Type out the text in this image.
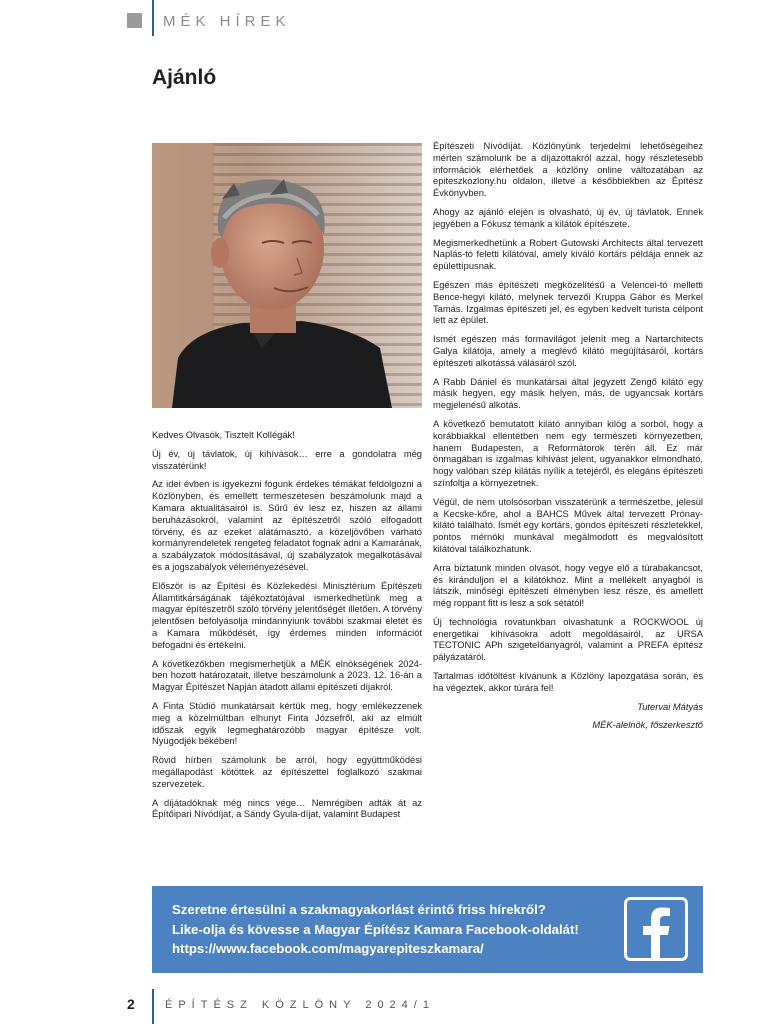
MÉK HÍREK
Ajánló

Kedves Olvasók, Tisztelt Kollégák!

Új év, új távlatok, új kihívások… erre a gondolatra még visszatérünk!

Az idei évben is igyekezni fogunk érdekes témákat feldolgozni a Közlönyben, és emellett természetesen beszámolunk majd a Kamara aktualitásairól is. Sűrű év lesz ez, hiszen az állami beruházásokról, valamint az építészetről szóló elfogadott törvény, és az ezeket alátámasztó, a közeljövőben várható kormányrendeletek rengeteg feladatot fognak adni a Kamarának, a szabályzatok módosításával, új szabályzatok megalkotásával és a jogszabályok véleményezésével.

Először is az Építési és Közlekedési Minisztérium Építészeti Államtitkárságának tájékoztatójával ismerkedhetünk meg a magyar építészetről szóló törvény jelentőségét illetően. A törvény jelentősen befolyásolja mindannyiunk további szakmai életét és a Kamara működését, így érdemes minden információt befogadni és értékelni.

A következőkben megismerhetjük a MÉK elnökségének 2024-ben hozott határozatait, illetve beszámolunk a 2023. 12. 16-án a Magyar Építészet Napján átadott állami építészeti díjakról.

A Finta Stúdió munkatársait kértük meg, hogy emlékezzenek meg a közelmúltban elhunyt Finta Józsefről, aki az elmúlt időszak egyik legmeghatározóbb magyar építésze volt. Nyugodjék békében!

Rövid hírben számolunk be arról, hogy együttműködési megállapodást kötöttek az építészettel foglalkozó szakmai szervezetek.

A díjátadóknak még nincs vége… Nemrégiben adták át az Építőipari Nívódíjat, a Sándy Gyula-díjat, valamint Budapest

Építészeti Nívódíját. Közlönyünk terjedelmi lehetőségeihez mérten számolunk be a díjazottakról azzal, hogy részletesebb információk elérhetőek a közlöny online változatában az epiteszkozlony.hu oldalon, illetve a későbbiekben az Építész Évkönyvben.

Ahogy az ajánló elején is olvasható, új év, új távlatok. Ennek jegyében a Fókusz témánk a kilátók építészete.

Megismerkedhetünk a Robert Gutowski Architects által tervezett Naplás-tó feletti kilátóval, amely kiváló kortárs példája ennek az épülettípusnak.

Egészen más építészeti megközelítésű a Velencei-tó melletti Bence-hegyi kilátó, melynek tervezői Kruppa Gábor és Merkel Tamás. Izgalmas építészeti jel, és egyben kedvelt turista célpont lett az épület.

Ismét egészen más formavilágot jelenít meg a Nartarchitects Galya kilátója, amely a meglévő kilátó megújításáról, kortárs építészeti alkotássá válásáról szól.

A Rabb Dániel és munkatársai által jegyzett Zengő kilátó egy másik hegyen, egy másik helyen, más, de ugyancsak kortárs megjelenésű alkotás.

A következő bemutatott kilátó annyiban kilóg a sorból, hogy a korábbiakkal ellentétben nem egy természeti környezetben, hanem Budapesten, a Reformátorok terén áll. Ez már önmagában is izgalmas kihívást jelent, ugyanakkor elmondható, hogy valóban szép kilátás nyílik a tetejéről, és elegáns építészeti színfoltja a környezetnek.

Végül, de nem utolsósorban visszatérünk a természetbe, jelesül a Kecske-kőre, ahol a BAHCS Művek által tervezett Prónay-kilátó található. Ismét egy kortárs, gondos építészeti részletekkel, pontos mérnöki munkával megálmodott és megvalósított kilátóval találkozhatunk.

Arra biztatunk minden olvasót, hogy vegye elő a túrabakancsot, és kiránduljon el a kilátókhoz. Mint a mellékelt anyagból is látszik, minőségi építészeti élményben lesz része, és amellett még roppant fitt is lesz a sok sétától!

Új technológia rovatunkban olvashatunk a ROCKWOOL új energetikai kihívásokra adott megoldásairól, az URSA TECTONIC APh szigetelőanyagról, valamint a PREFA építész pályázatáról.

Tartalmas időtöltést kívánunk a Közlöny lapozgatása során, és ha végeztek, akkor túrára fel!

Tutervai Mátyás

MÉK-alelnök, főszerkesztő

Szeretne értesülni a szakmagyakorlást érintő friss hírekről?
Like-olja és kövesse a Magyar Építész Kamara Facebook-oldalát!
https://www.facebook.com/magyarepiteszkamara/
2	ÉPÍTÉSZ KÖZLÖNY 2024/1
